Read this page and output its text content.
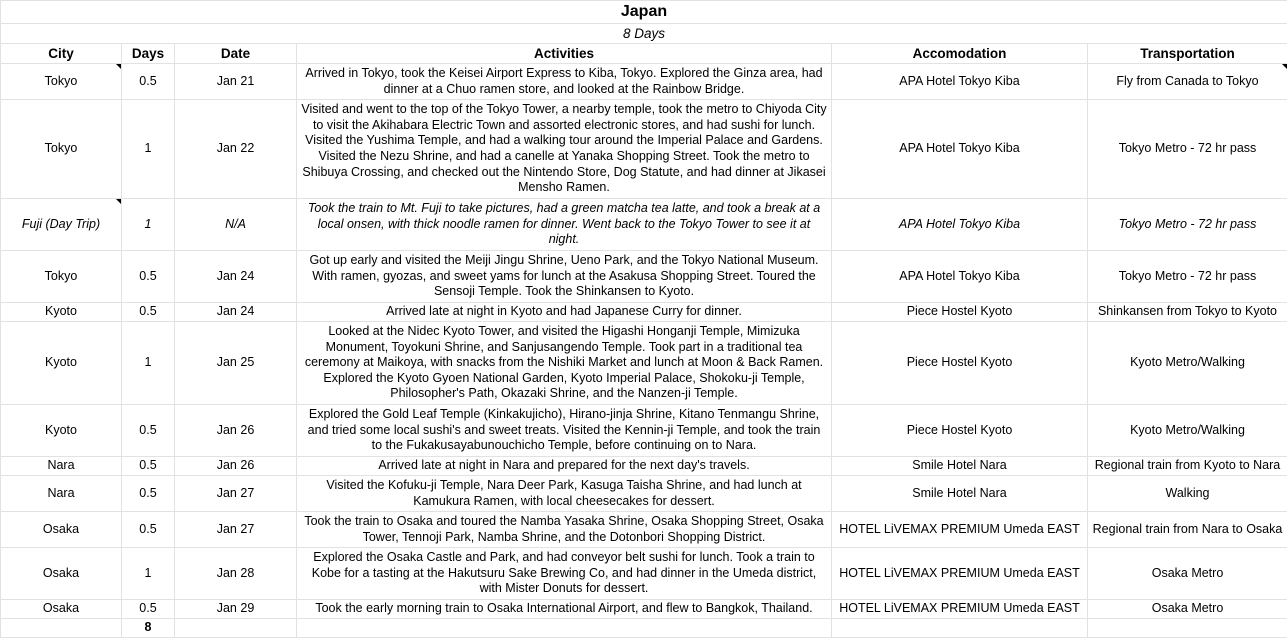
Japan					
8 Days					
City	Days	Date	Activities	Accomodation	Transportation
Tokyo	0.5	Jan 21	Arrived in Tokyo, took the Keisei Airport Express to Kiba, Tokyo. Explored the Ginza area, had dinner at a Chuo ramen store, and looked at the Rainbow Bridge.	APA Hotel Tokyo Kiba	Fly from Canada to Tokyo
Tokyo	1	Jan 22	Visited and went to the top of the Tokyo Tower, a nearby temple, took the metro to Chiyoda City to visit the Akihabara Electric Town and assorted electronic stores, and had sushi for lunch. Visited the Yushima Temple, and had a walking tour around the Imperial Palace and Gardens. Visited the Nezu Shrine, and had a canelle at Yanaka Shopping Street. Took the metro to Shibuya Crossing, and checked out the Nintendo Store, Dog Statute, and had dinner at Jikasei Mensho Ramen.	APA Hotel Tokyo Kiba	Tokyo Metro - 72 hr pass
Fuji (Day Trip)	1	N/A	Took the train to Mt. Fuji to take pictures, had a green matcha tea latte, and took a break at a local onsen, with thick noodle ramen for dinner. Went back to the Tokyo Tower to see it at night.	APA Hotel Tokyo Kiba	Tokyo Metro - 72 hr pass
Tokyo	0.5	Jan 24	Got up early and visited the Meiji Jingu Shrine, Ueno Park, and the Tokyo National Museum. With ramen, gyozas, and sweet yams for lunch at the Asakusa Shopping Street. Toured the Sensoji Temple. Took the Shinkansen to Kyoto.	APA Hotel Tokyo Kiba	Tokyo Metro - 72 hr pass
Kyoto	0.5	Jan 24	Arrived late at night in Kyoto and had Japanese Curry for dinner.	Piece Hostel Kyoto	Shinkansen from Tokyo to Kyoto
Kyoto	1	Jan 25	Looked at the Nidec Kyoto Tower, and visited the Higashi Honganji Temple, Mimizuka Monument, Toyokuni Shrine, and Sanjusangendo Temple. Took part in a traditional tea ceremony at Maikoya, with snacks from the Nishiki Market and lunch at Moon & Back Ramen. Explored the Kyoto Gyoen National Garden, Kyoto Imperial Palace, Shokoku-ji Temple, Philosopher's Path, Okazaki Shrine, and the Nanzen-ji Temple.	Piece Hostel Kyoto	Kyoto Metro/Walking
Kyoto	0.5	Jan 26	Explored the Gold Leaf Temple (Kinkakujicho), Hirano-jinja Shrine, Kitano Tenmangu Shrine, and tried some local sushi's and sweet treats. Visited the Kennin-ji Temple, and took the train to the Fukakusayabunouchicho Temple, before continuing on to Nara.	Piece Hostel Kyoto	Kyoto Metro/Walking
Nara	0.5	Jan 26	Arrived late at night in Nara and prepared for the next day's travels.	Smile Hotel Nara	Regional train from Kyoto to Nara
Nara	0.5	Jan 27	Visited the Kofuku-ji Temple, Nara Deer Park, Kasuga Taisha Shrine, and had lunch at Kamukura Ramen, with local cheesecakes for dessert.	Smile Hotel Nara	Walking
Osaka	0.5	Jan 27	Took the train to Osaka and toured the Namba Yasaka Shrine, Osaka Shopping Street, Osaka Tower, Tennoji Park, Namba Shrine, and the Dotonbori Shopping District.	HOTEL LiVEMAX PREMIUM Umeda EAST	Regional train from Nara to Osaka
Osaka	1	Jan 28	Explored the Osaka Castle and Park, and had conveyor belt sushi for lunch. Took a train to Kobe for a tasting at the Hakutsuru Sake Brewing Co, and had dinner in the Umeda district, with Mister Donuts for dessert.	HOTEL LiVEMAX PREMIUM Umeda EAST	Osaka Metro
Osaka	0.5	Jan 29	Took the early morning train to Osaka International Airport, and flew to Bangkok, Thailand.	HOTEL LiVEMAX PREMIUM Umeda EAST	Osaka Metro
	8				
